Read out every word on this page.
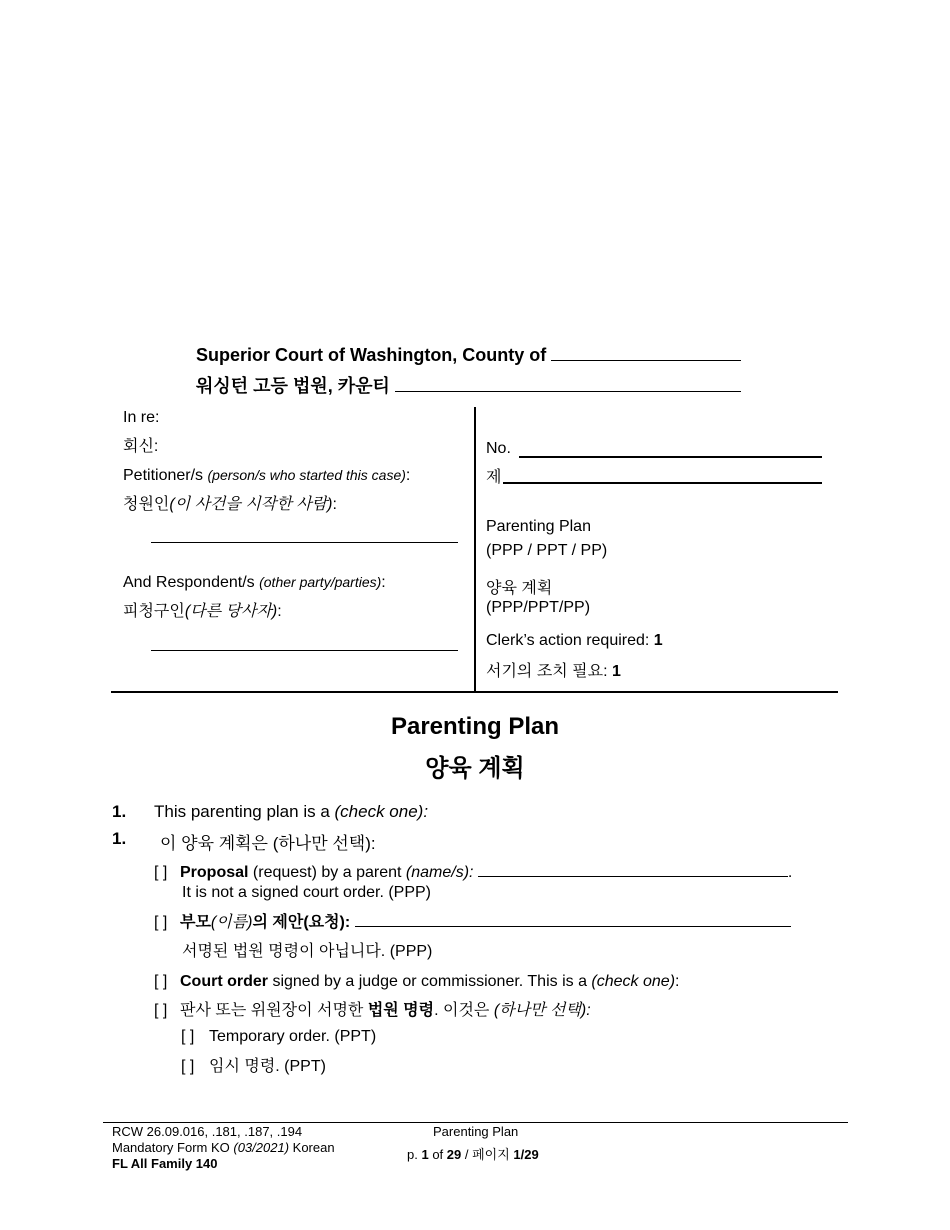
Superior Court of Washington, County of
워싱턴 고등 법원, 카운티
In re:
회신:
Petitioner/s (person/s who started this case):
청원인(이 사건을 시작한 사람):
And Respondent/s (other party/parties):
피청구인(다른 당사자):
No.
제
Parenting Plan
(PPP / PPT / PP)
양육 계획
(PPP/PPT/PP)
Clerk’s action required: 1
서기의 조치 필요: 1
Parenting Plan
양육 계획
1. This parenting plan is a (check one):
1. 이 양육 계획은 (하나만 선택):
[ ] Proposal (request) by a parent (name/s):	.
It is not a signed court order. (PPP)
[ ] 부모(이름)의 제안(요청):
서명된 법원 명령이 아닙니다. (PPP)
[ ] Court order signed by a judge or commissioner. This is a (check one):
[ ] 판사 또는 위원장이 서명한 법원 명령. 이것은 (하나만 선택):
[ ] Temporary order. (PPT)
[ ] 임시 명령. (PPT)
RCW 26.09.016, .181, .187, .194
Mandatory Form KO (03/2021) Korean
FL All Family 140
Parenting Plan
p. 1 of 29 / 페이지 1/29
